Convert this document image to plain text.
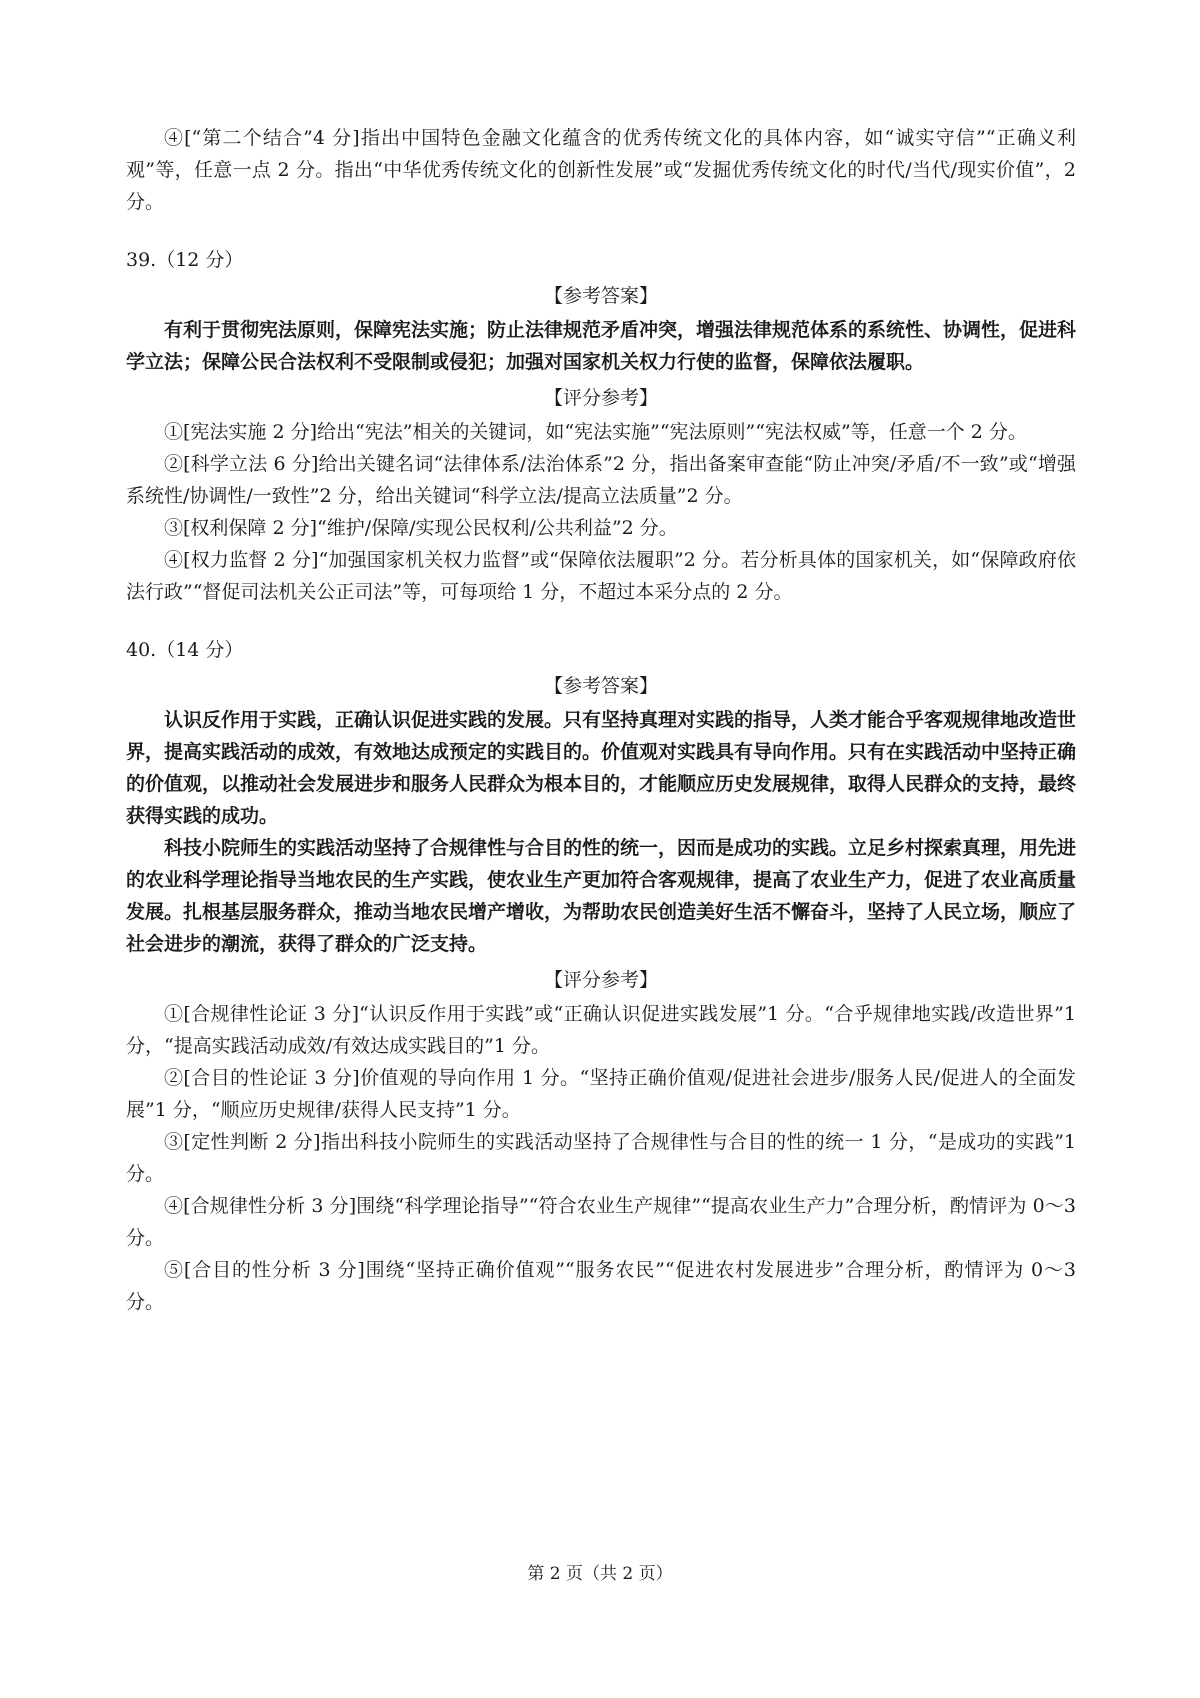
④[“第二个结合”4 分]指出中国特色金融文化蕴含的优秀传统文化的具体内容，如“诚实守信”“正确义利观”等，任意一点 2 分。指出“中华优秀传统文化的创新性发展”或“发掘优秀传统文化的时代/当代/现实价值”，2 分。

39.（12 分）

【参考答案】

有利于贯彻宪法原则，保障宪法实施；防止法律规范矛盾冲突，增强法律规范体系的系统性、协调性，促进科学立法；保障公民合法权利不受限制或侵犯；加强对国家机关权力行使的监督，保障依法履职。

【评分参考】

①[宪法实施 2 分]给出“宪法”相关的关键词，如“宪法实施”“宪法原则”“宪法权威”等，任意一个 2 分。

②[科学立法 6 分]给出关键名词“法律体系/法治体系”2 分，指出备案审查能“防止冲突/矛盾/不一致”或“增强系统性/协调性/一致性”2 分，给出关键词“科学立法/提高立法质量”2 分。

③[权利保障 2 分]“维护/保障/实现公民权利/公共利益”2 分。

④[权力监督 2 分]“加强国家机关权力监督”或“保障依法履职”2 分。若分析具体的国家机关，如“保障政府依法行政”“督促司法机关公正司法”等，可每项给 1 分，不超过本采分点的 2 分。

40.（14 分）

【参考答案】

认识反作用于实践，正确认识促进实践的发展。只有坚持真理对实践的指导，人类才能合乎客观规律地改造世界，提高实践活动的成效，有效地达成预定的实践目的。价值观对实践具有导向作用。只有在实践活动中坚持正确的价值观，以推动社会发展进步和服务人民群众为根本目的，才能顺应历史发展规律，取得人民群众的支持，最终获得实践的成功。

科技小院师生的实践活动坚持了合规律性与合目的性的统一，因而是成功的实践。立足乡村探索真理，用先进的农业科学理论指导当地农民的生产实践，使农业生产更加符合客观规律，提高了农业生产力，促进了农业高质量发展。扎根基层服务群众，推动当地农民增产增收，为帮助农民创造美好生活不懈奋斗，坚持了人民立场，顺应了社会进步的潮流，获得了群众的广泛支持。

【评分参考】

①[合规律性论证 3 分]“认识反作用于实践”或“正确认识促进实践发展”1 分。“合乎规律地实践/改造世界”1 分，“提高实践活动成效/有效达成实践目的”1 分。

②[合目的性论证 3 分]价值观的导向作用 1 分。“坚持正确价值观/促进社会进步/服务人民/促进人的全面发展”1 分，“顺应历史规律/获得人民支持”1 分。

③[定性判断 2 分]指出科技小院师生的实践活动坚持了合规律性与合目的性的统一 1 分，“是成功的实践”1 分。

④[合规律性分析 3 分]围绕“科学理论指导”“符合农业生产规律”“提高农业生产力”合理分析，酌情评为 0～3 分。

⑤[合目的性分析 3 分]围绕“坚持正确价值观”“服务农民”“促进农村发展进步”合理分析，酌情评为 0～3 分。

第 2 页（共 2 页）
